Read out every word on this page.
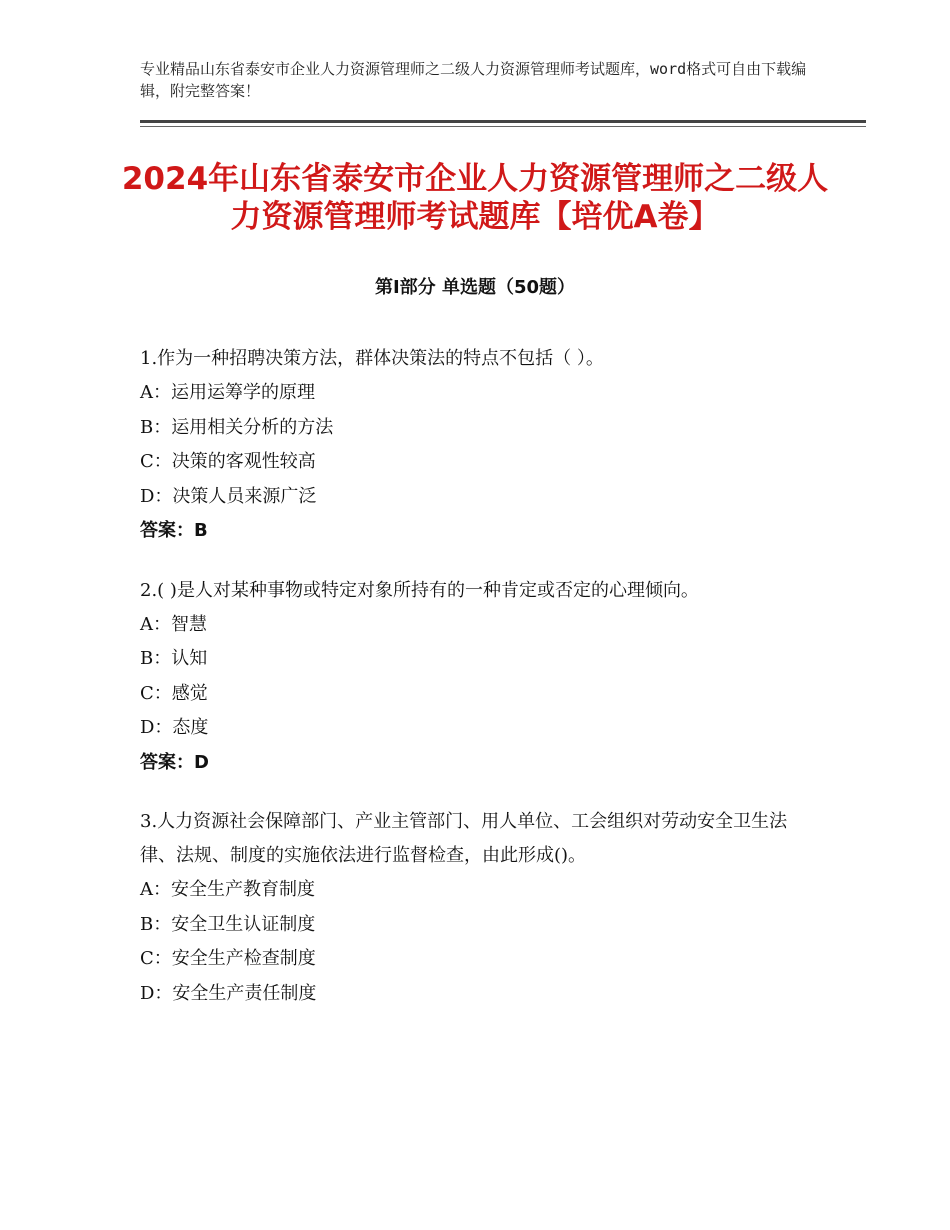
专业精品山东省泰安市企业人力资源管理师之二级人力资源管理师考试题库，word格式可自由下载编辑，附完整答案！
2024年山东省泰安市企业人力资源管理师之二级人力资源管理师考试题库【培优A卷】
第Ⅰ部分 单选题（50题）

1.作为一种招聘决策方法，群体决策法的特点不包括（ ）。

A：运用运筹学的原理

B：运用相关分析的方法

C：决策的客观性较高

D：决策人员来源广泛

答案：B

2.( )是人对某种事物或特定对象所持有的一种肯定或否定的心理倾向。

A：智慧

B：认知

C：感觉

D：态度

答案：D

3.人力资源社会保障部门、产业主管部门、用人单位、工会组织对劳动安全卫生法律、法规、制度的实施依法进行监督检查，由此形成()。

A：安全生产教育制度

B：安全卫生认证制度

C：安全生产检查制度

D：安全生产责任制度
